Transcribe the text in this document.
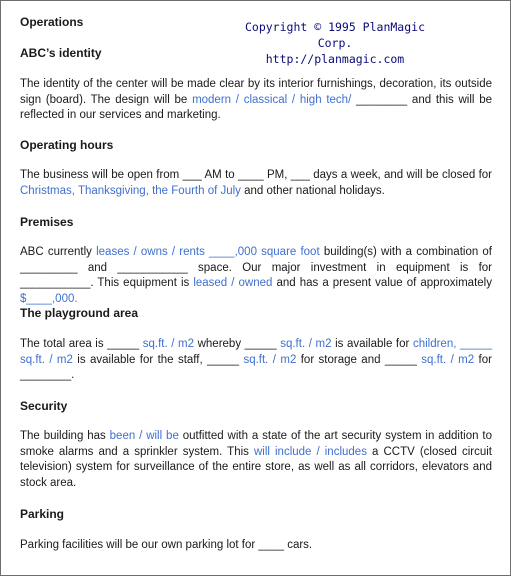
Copyright © 1995 PlanMagic Corp.
http://planmagic.com
Operations
ABC’s identity
The identity of the center will be made clear by its interior furnishings, decoration, its outside sign (board). The design will be modern / classical / high tech/ ________ and this will be reflected in our services and marketing.
Operating hours
The business will be open from ___ AM to ____ PM, ___ days a week, and will be closed for Christmas, Thanksgiving, the Fourth of July and other national holidays.
Premises
ABC currently leases / owns / rents ____,000 square foot building(s) with a combination of _________ and ___________ space. Our major investment in equipment is for ___________. This equipment is leased / owned and has a present value of approximately $____,000.
The playground area
The total area is _____ sq.ft. / m2 whereby _____ sq.ft. / m2 is available for children, _____ sq.ft. / m2 is available for the staff, _____ sq.ft. / m2 for storage and _____ sq.ft. / m2 for ________.
Security
The building has been / will be outfitted with a state of the art security system in addition to smoke alarms and a sprinkler system. This will include / includes a CCTV (closed circuit television) system for surveillance of the entire store, as well as all corridors, elevators and stock area.
Parking
Parking facilities will be our own parking lot for ____ cars.
